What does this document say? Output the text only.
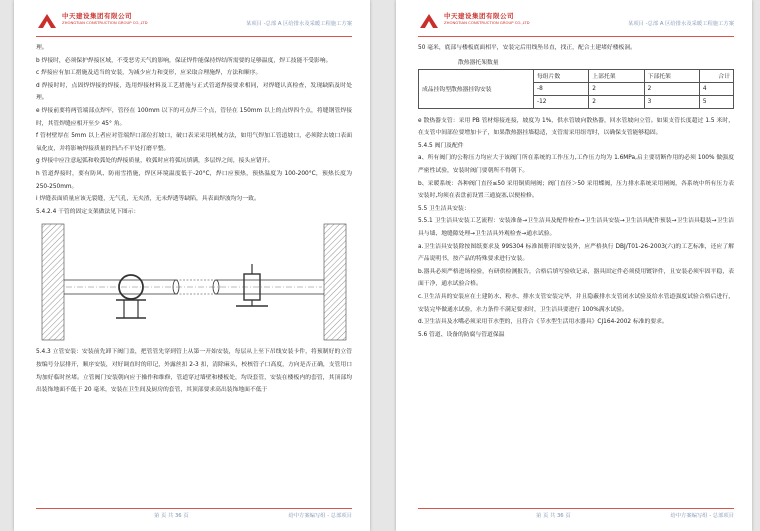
中天建设集团有限公司
ZHONGTIAN CONSTRUCTION GROUP CO.,LTD	某项目 -总部 A 区给排水及采暖工程施工方案

理。

b 焊接时，必须保护焊接区域，不受恶劣天气的影响，保证焊件能保持焊结所需要的足够温度，焊工技能不受影响。

c 焊接应有加工措施及适当的安装，为减少应力和变形，应采取合理施焊，方法和顺序。

d 焊接时时，点固焊焊接的焊接，选用焊接材料及工艺措施与正式管道焊接要求相同，对焊缝认真检查，发现缺陷及时处理。

e 焊接前要将两管端部点焊牢，管径在 100mm 以下的可点焊三个点，管径在 150mm 以上的点焊四个点，将缝钢管焊接时，其管焊缝应相开至少 45° 角。

f 管材壁厚在 5mm 以上者应对管端焊口部位打坡口，破口表采采用机械方法，如用气焊加工管道坡口，必须除去坡口表面氧化皮，并将影响焊接质量的凹凸不平处打磨平整。

g 焊接中应注意起弧和收弧处的焊接质量，收弧时应将弧坑填满，多层焊之间，接头应错开。

h 管道焊接时，要有防风、防雨雪措施，焊区环境温度低于-20°C，焊口应预热，预热温度为 100-200°C，预热长度为 250-250mm。

i 焊缝表面质量应该无裂缝，无气孔，无夹渣，无未焊透等缺陷，具表面焊波均匀一致。

5.4.2.4 干管的固定支架做法见下图示：

5.4.3 立管安装：安装前先卸下阀门盖，把管管先穿到管上从第一开始安装，每层从上至下吊线安装卡件，将预制好的立管按编号分层排开，顺序安装，对好调直时的印记，外露丝扣 2-3 扣，清除麻头，校核管子口高度，方向是否正确，支管用口均加好临时丝堵。立管阀门安装朝向应于操作和维修，管道穿过墙壁和楼板处，均设套管，安装在楼板内的套管，其顶部均出装饰地面不低于 20 毫米，安装在卫生间及厨房的套管，其顶部要求高出装饰地面不低于

第 页 共 36 页	给中方案编写组 - 总部项目
中天建设集团有限公司
ZHONGTIAN CONSTRUCTION GROUP CO.,LTD	某项目 -总部 A 区给排水及采暖工程施工方案

50 毫米，底部与楼板底面相平，安装完后用线坠吊直，找正，配合土建堵好楼板洞。

散热器托架数量
成品挂钩型散热器挂钩安装	每组片数	上部托架	下部托架	合计
	-8	2	2	4
	-12	2	3	5

e 散热器支管：采用 PB 管材熔接连接，坡度为 1%，供水管坡向散热器，回水管坡向立管。如果支管长度超过 1.5 米时，在支管中间部位要增加卡子，如果散热器挂墙稳适，支管需采用组弯时，以确保支管能够稳固。

5.4.5 阀门及配件

a、所有阀门的公称压力均应大于该阀门所在系统的工作压力,工作压力均为 1.6MPa,启主要切断作用的必须 100% 做强度严密性试验，安装时阀门要朝所不得朝下。

b、采暖系统：各种阀门直径≤50 采用铜质闸阀；阀门直径＞50 采用蝶阀，压力排水系统采用闸阀，各系统中所有压力表安装时,均须在表盘前设置三通旋塞,以便检修。

5.5 卫生洁具安装：

5.5.1 卫生洁具安装工艺流程：安装准备→卫生洁具及配件检查→卫生洁具安装→卫生洁具配件预装→卫生洁具稳装→卫生洁具与墙、地缝隙处理→卫生洁具外观检查→通水试验。

a.卫生洁具安装除按图纸要求及 99S304 标准图册详图安装外，应严格执行 DBJ/T01-26-2003(六)的工艺标准，还应了解产品说明书，按产品的特殊要求进行安装。

b.器具必须严格进场检验，有研供检测报告，合格后填写验收记录，器具固定件必须使用镀锌件，且安装必须牢固平稳，表面干净，通水试验合格。

c.卫生洁具的安装应在土建防水、粉水、排水支管安装完毕，并且隐蔽排水支管闭水试验及给水管道强度试验合格后进行，安装完毕做通水试验，水力条件不满足要求时，卫生洁具要进行 100%满水试验。

d.卫生洁具及水嘴必须采用节水型的，且符合《节水型生活用水器具》CJ164-2002 标准的要求。

5.6 管道、设备的防腐与管道保温

第 页 共 36 页	给中方案编写组 - 总部项目
